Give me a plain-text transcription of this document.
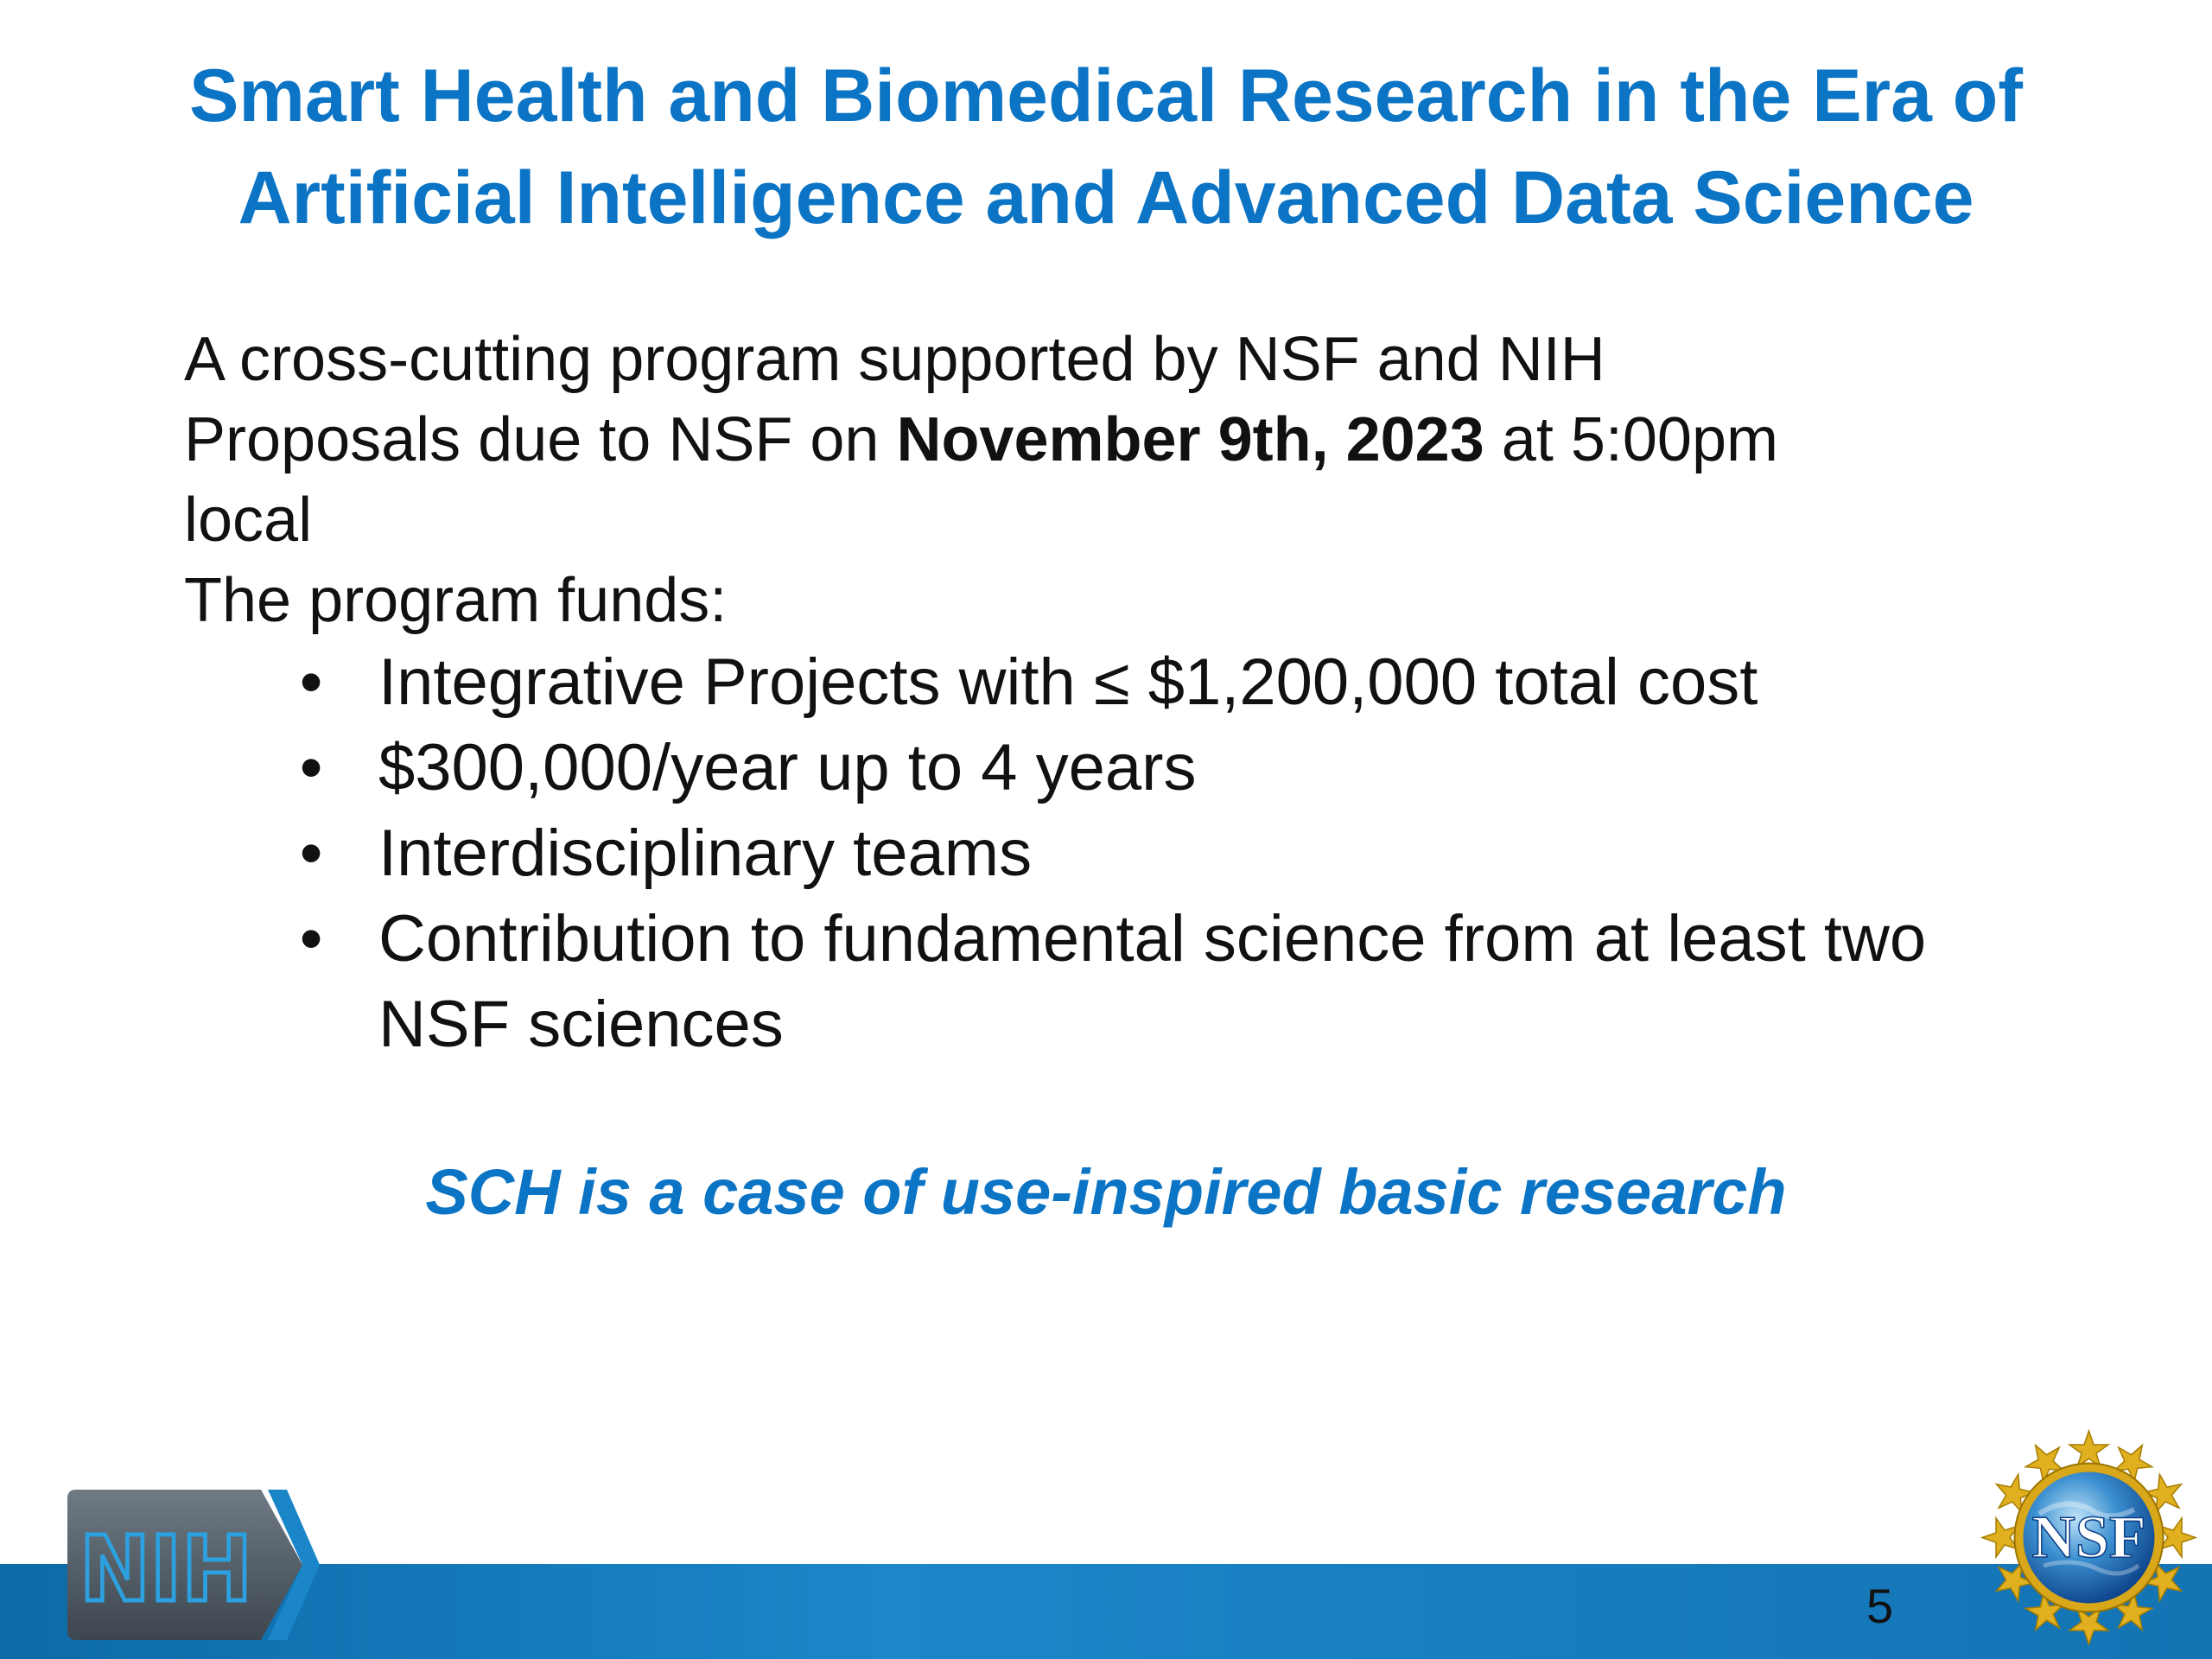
Smart Health and Biomedical Research in the Era of
Artificial Intelligence and Advanced Data Science
A cross-cutting program supported by NSF and NIH
Proposals due to NSF on November 9th, 2023 at 5:00pm
local
The program funds:
• Integrative Projects with ≤ $1,200,000 total cost
• $300,000/year up to 4 years
• Interdisciplinary teams
• Contribution to fundamental science from at least two NSF sciences
SCH is a case of use-inspired basic research
5
NIH	NSF
